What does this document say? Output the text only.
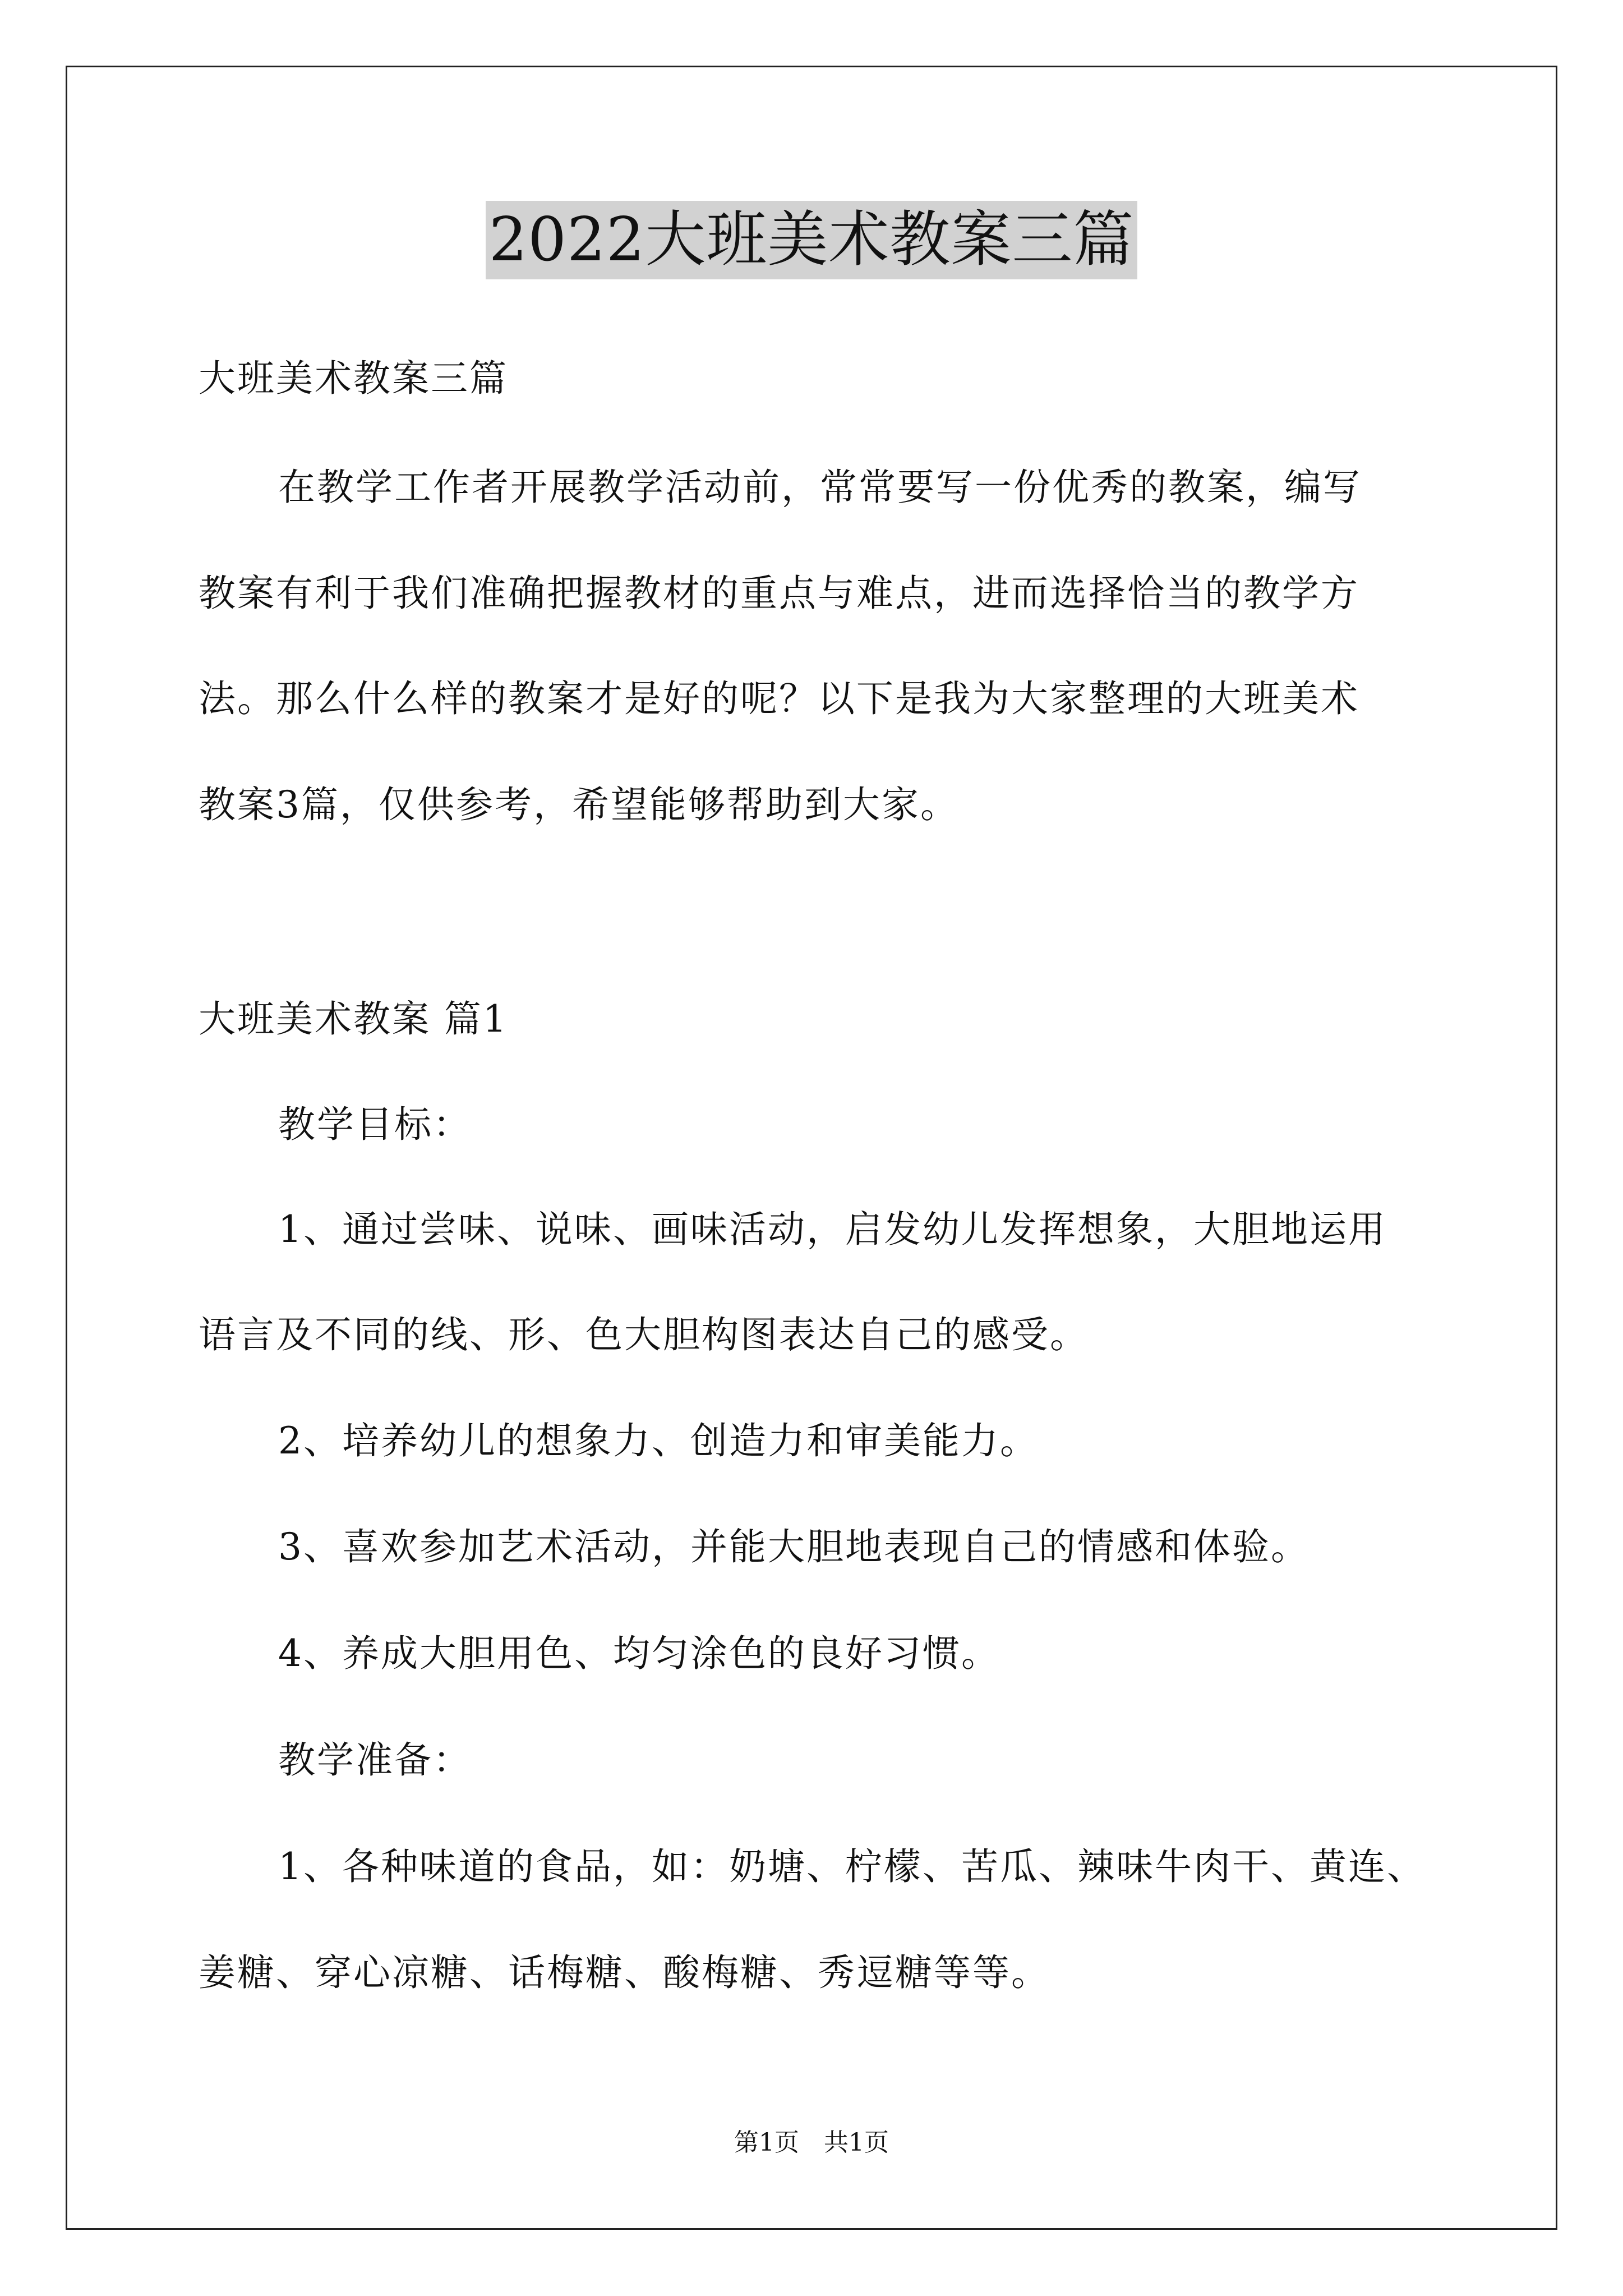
2022大班美术教案三篇
大班美术教案三篇
在教学工作者开展教学活动前，常常要写一份优秀的教案，编写
教案有利于我们准确把握教材的重点与难点，进而选择恰当的教学方
法。那么什么样的教案才是好的呢？以下是我为大家整理的大班美术
教案3篇，仅供参考，希望能够帮助到大家。
大班美术教案 篇1
教学目标：
1、通过尝味、说味、画味活动，启发幼儿发挥想象，大胆地运用
语言及不同的线、形、色大胆构图表达自己的感受。
2、培养幼儿的想象力、创造力和审美能力。
3、喜欢参加艺术活动，并能大胆地表现自己的情感和体验。
4、养成大胆用色、均匀涂色的良好习惯。
教学准备：
1、各种味道的食品，如：奶塘、柠檬、苦瓜、辣味牛肉干、黄连、
姜糖、穿心凉糖、话梅糖、酸梅糖、秀逗糖等等。
第1页　共1页
